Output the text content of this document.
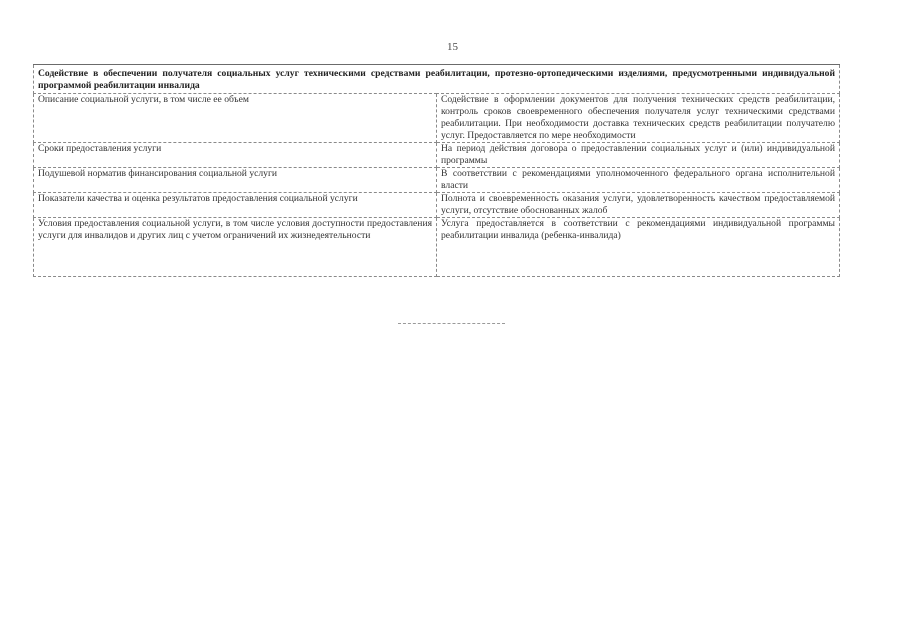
15
Содействие в обеспечении получателя социальных услуг техническими средствами реабилитации, протезно-ортопедическими изделиями, предусмотренными индивидуальной программой реабилитации инвалида	
Описание социальной услуги, в том числе ее объем	Содействие в оформлении документов для получения технических средств реабилитации, контроль сроков своевременного обеспечения получателя услуг техническими средствами реабилитации. При необходимости доставка технических средств реабилитации получателю услуг. Предоставляется по мере необходимости
Сроки предоставления услуги	На период действия договора о предоставлении социальных услуг и (или) индивидуальной программы
Подушевой норматив финансирования социальной услуги	В соответствии с рекомендациями уполномоченного федерального органа исполнительной власти
Показатели качества и оценка результатов предоставления социальной услуги	Полнота и своевременность оказания услуги, удовлетворенность качеством предоставляемой услуги, отсутствие обоснованных жалоб
Условия предоставления социальной услуги, в том числе условия доступности предоставления услуги для инвалидов и других лиц с учетом ограничений их жизнедеятельности	Услуга предоставляется в соответствии с рекомендациями индивидуальной программы реабилитации инвалида (ребенка-инвалида)
